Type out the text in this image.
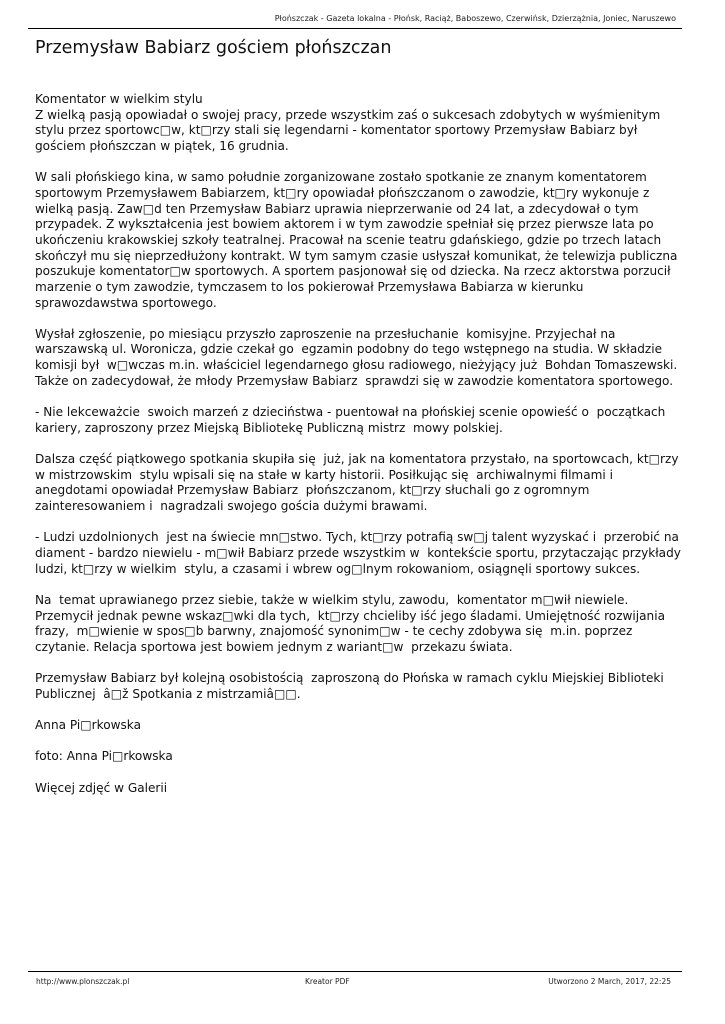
Płońszczak - Gazeta lokalna - Płońsk, Raciąż, Baboszewo, Czerwińsk, Dzierzążnia, Joniec, Naruszewo
Przemysław Babiarz gościem płońszczan

Komentator w wielkim stylu
Z wielką pasją opowiadał o swojej pracy, przede wszystkim zaś o sukcesach zdobytych w wyśmienitym stylu przez sportowc□w, kt□rzy stali się legendarni - komentator sportowy Przemysław Babiarz był gościem płońszczan w piątek, 16 grudnia.

W sali płońskiego kina, w samo południe zorganizowane zostało spotkanie ze znanym komentatorem sportowym Przemysławem Babiarzem, kt□ry opowiadał płońszczanom o zawodzie, kt□ry wykonuje z wielką pasją. Zaw□d ten Przemysław Babiarz uprawia nieprzerwanie od 24 lat, a zdecydował o tym przypadek. Z wykształcenia jest bowiem aktorem i w tym zawodzie spełniał się przez pierwsze lata po ukończeniu krakowskiej szkoły teatralnej. Pracował na scenie teatru gdańskiego, gdzie po trzech latach skończył mu się nieprzedłużony kontrakt. W tym samym czasie usłyszał komunikat, że telewizja publiczna poszukuje komentator□w sportowych. A sportem pasjonował się od dziecka. Na rzecz aktorstwa porzucił marzenie o tym zawodzie, tymczasem to los pokierował Przemysława Babiarza w kierunku sprawozdawstwa sportowego.

Wysłał zgłoszenie, po miesiącu przyszło zaproszenie na przesłuchanie  komisyjne. Przyjechał na warszawską ul. Woronicza, gdzie czekał go  egzamin podobny do tego wstępnego na studia. W składzie komisji był  w□wczas m.in. właściciel legendarnego głosu radiowego, nieżyjący już  Bohdan Tomaszewski. Także on zadecydował, że młody Przemysław Babiarz  sprawdzi się w zawodzie komentatora sportowego.

- Nie lekceważcie  swoich marzeń z dzieciństwa - puentował na płońskiej scenie opowieść o  początkach kariery, zaproszony przez Miejską Bibliotekę Publiczną mistrz  mowy polskiej.

Dalsza część piątkowego spotkania skupiła się  już, jak na komentatora przystało, na sportowcach, kt□rzy w mistrzowskim  stylu wpisali się na stałe w karty historii. Posiłkując się  archiwalnymi filmami i anegdotami opowiadał Przemysław Babiarz  płońszczanom, kt□rzy słuchali go z ogromnym zainteresowaniem i  nagradzali swojego gościa dużymi brawami.

- Ludzi uzdolnionych  jest na świecie mn□stwo. Tych, kt□rzy potrafią sw□j talent wyzyskać i  przerobić na diament - bardzo niewielu - m□wił Babiarz przede wszystkim w  kontekście sportu, przytaczając przykłady ludzi, kt□rzy w wielkim  stylu, a czasami i wbrew og□lnym rokowaniom, osiągnęli sportowy sukces.

Na  temat uprawianego przez siebie, także w wielkim stylu, zawodu,  komentator m□wił niewiele. Przemycił jednak pewne wskaz□wki dla tych,  kt□rzy chcieliby iść jego śladami. Umiejętność rozwijania frazy,  m□wienie w spos□b barwny, znajomość synonim□w - te cechy zdobywa się  m.in. poprzez czytanie. Relacja sportowa jest bowiem jednym z wariant□w  przekazu świata.

Przemysław Babiarz był kolejną osobistością  zaproszoną do Płońska w ramach cyklu Miejskiej Biblioteki Publicznej  â□ž Spotkania z mistrzamiâ□□.

Anna Pi□rkowska

foto: Anna Pi□rkowska

Więcej zdjęć w Galerii

http://www.plonszczak.pl	Kreator PDF	Utworzono 2 March, 2017, 22:25
